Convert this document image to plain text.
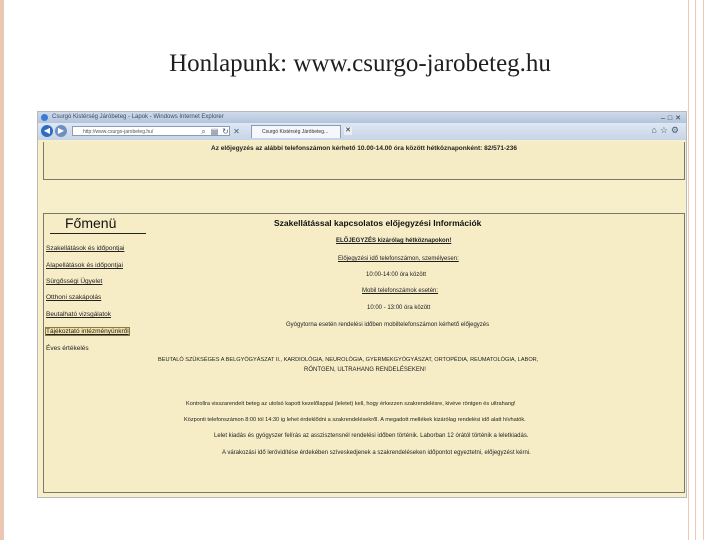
Honlapunk: www.csurgo-jarobeteg.hu
Csurgó Kistérség Járóbeteg - Lapok - Windows Internet Explorer	–□✕
◀ ▶	http://www.csurgo-jarobeteg.hu/	⌕ ▤ ↻ ✕	Csurgó Kistérség Járóbeteg...	✕	⌂☆⚙
Az előjegyzés az alábbi telefonszámon kérhető 10.00-14.00 óra között hétköznaponként: 82/571-236
Főmenü
Szakellátások és időpontjai
Alapellátások és időpontjai
Sürgősségi Ügyelet
Otthoni szakápolás
Beutalható vizsgálatok
Tájékoztató intézményünkről
Éves értékelés
Szakellátással kapcsolatos előjegyzési Információk
ELŐJEGYZÉS kizárólag hétköznapokon!
Előjegyzési idő telefonszámon, személyesen:
10:00-14:00 óra között
Mobil telefonszámok esetén:
10:00 - 13:00 óra között
Gyógytorna esetén rendelési időben mobiltelefonszámon kérhető előjegyzés
BEUTALÓ SZÜKSÉGES A BELGYÓGYÁSZAT II., KARDIOLÓGIA, NEUROLÓGIA, GYERMEKGYÓGYÁSZAT, ORTOPÉDIA, REUMATOLÓGIA, LABOR,
RÖNTGEN, ULTRAHANG RENDELÉSEKEN!
Kontrollra visszarendelt beteg az utolsó kapott kezelőlappal (leletet) kell, hogy érkezzen szakrendelésre, kivéve röntgen és ultrahang!
Központi telefonszámon 8:00 tól 14:30 ig lehet érdeklődni a szakrendelésekről. A megadott mellékek kizárólag rendelési idő alatt hívhatók.
Lelet kiadás és gyógyszer felírás az asszisztensnél rendelési időben történik. Laborban 12 órától történik a leletkiadás.
A várakozási idő lerövidítése érdekében szíveskedjenek a szakrendeléseken időpontot egyeztetni, előjegyzést kérni.
